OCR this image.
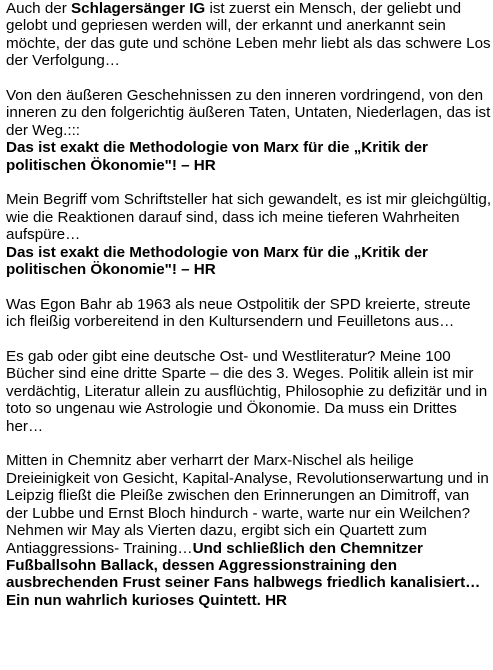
Auch der Schlagersänger IG ist zuerst ein Mensch, der geliebt und gelobt und gepriesen werden will, der erkannt und anerkannt sein möchte, der das gute und schöne Leben mehr liebt als das schwere Los der Verfolgung…

Von den äußeren Geschehnissen zu den inneren vordringend, von den inneren zu den folgerichtig äußeren Taten, Untaten, Niederlagen, das ist der Weg.:::
Das ist exakt die Methodologie von Marx für die „Kritik der politischen Ökonomie"! – HR

Mein Begriff vom Schriftsteller hat sich gewandelt, es ist mir gleichgültig, wie die Reaktionen darauf sind, dass ich meine tieferen Wahrheiten aufspüre…
Das ist exakt die Methodologie von Marx für die „Kritik der politischen Ökonomie"! – HR

Was Egon Bahr ab 1963 als neue Ostpolitik der SPD kreierte, streute ich fleißig vorbereitend in den Kultursendern und Feuilletons aus…

Es gab oder gibt eine deutsche Ost- und Westliteratur? Meine 100 Bücher sind eine dritte Sparte – die des 3. Weges. Politik allein ist mir verdächtig, Literatur allein zu ausflüchtig, Philosophie zu defizitär und in toto so ungenau wie Astrologie und Ökonomie. Da muss ein Drittes her…

Mitten in Chemnitz aber verharrt der Marx-Nischel als heilige Dreieinigkeit von Gesicht, Kapital-Analyse, Revolutionserwartung und in Leipzig fließt die Pleiße zwischen den Erinnerungen an Dimitroff, van der Lubbe und Ernst Bloch hindurch - warte, warte nur ein Weilchen? Nehmen wir May als Vierten dazu, ergibt sich ein Quartett zum Antiaggressions- Training…Und schließlich den Chemnitzer Fußballsohn Ballack, dessen Aggressionstraining den ausbrechenden Frust seiner Fans halbwegs friedlich kanalisiert… Ein nun wahrlich kurioses Quintett. HR
